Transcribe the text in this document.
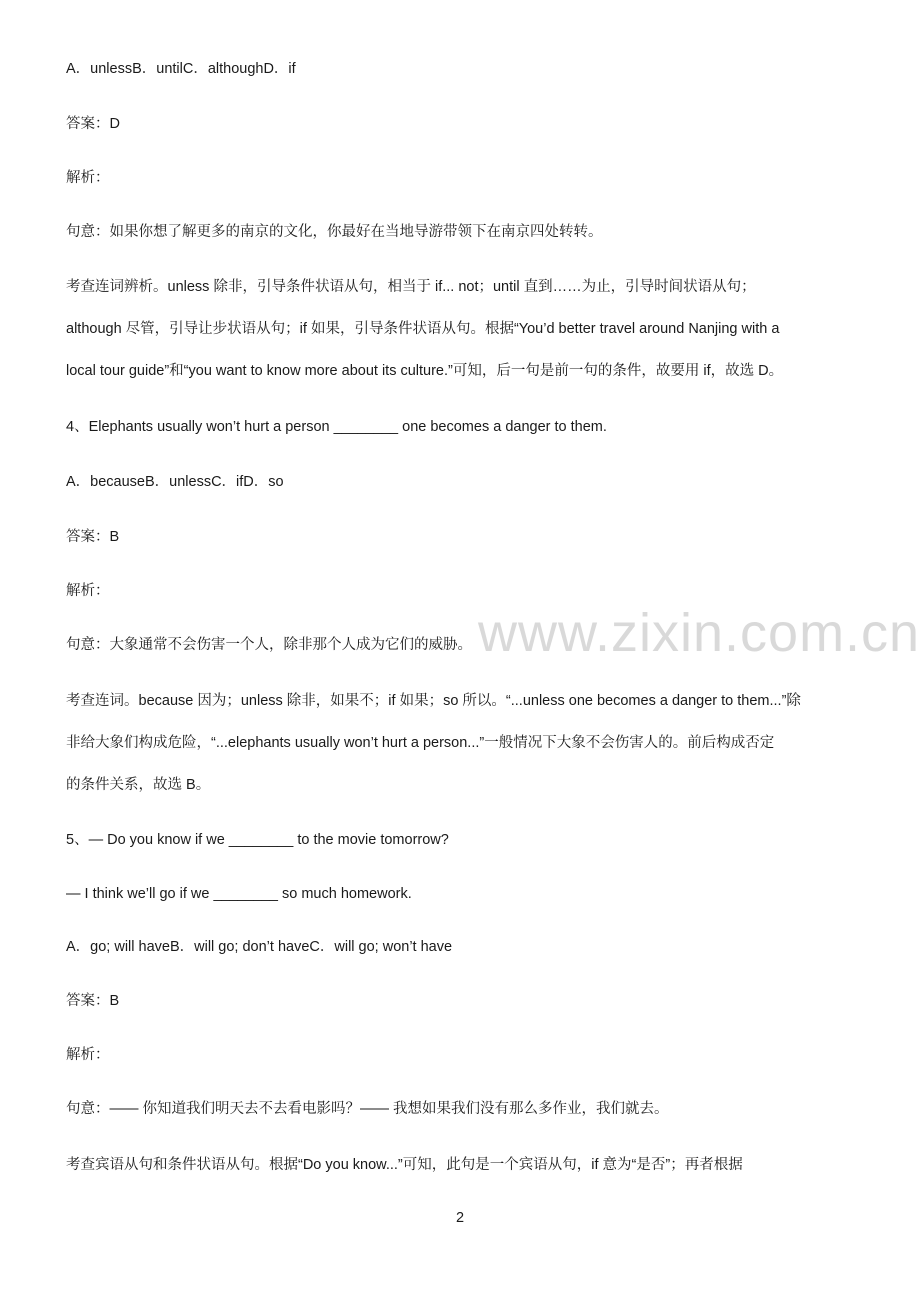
www.zixin.com.cn
A．unlessB．untilC．althoughD．if
答案：D
解析：
句意：如果你想了解更多的南京的文化，你最好在当地导游带领下在南京四处转转。
考查连词辨析。unless 除非，引导条件状语从句，相当于 if... not；until 直到……为止，引导时间状语从句；
although 尽管，引导让步状语从句；if 如果，引导条件状语从句。根据“You’d better travel around Nanjing with a
local tour guide”和“you want to know more about its culture.”可知，后一句是前一句的条件，故要用 if，故选 D。
4、Elephants usually won’t hurt a person ________ one becomes a danger to them.
A．becauseB．unlessC．ifD．so
答案：B
解析：
句意：大象通常不会伤害一个人，除非那个人成为它们的威胁。
考查连词。because 因为；unless 除非，如果不；if 如果；so 所以。“...unless one becomes a danger to them...”除
非给大象们构成危险，“...elephants usually won’t hurt a person...”一般情况下大象不会伤害人的。前后构成否定
的条件关系，故选 B。
5、— Do you know if we ________ to the movie tomorrow?
— I think we’ll go if we ________ so much homework.
A．go; will haveB．will go; don’t haveC．will go; won’t have
答案：B
解析：
句意：—— 你知道我们明天去不去看电影吗？—— 我想如果我们没有那么多作业，我们就去。
考查宾语从句和条件状语从句。根据“Do you know...”可知，此句是一个宾语从句，if 意为“是否”；再者根据
2
